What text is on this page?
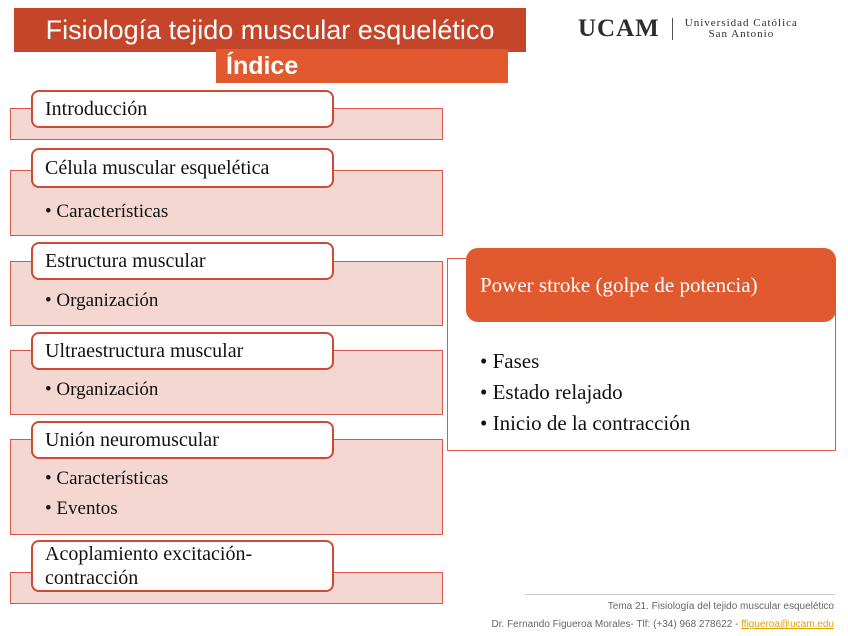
Fisiología tejido muscular esquelético
Índice
UCAM Universidad Católica
San Antonio
Introducción
• Características
Célula muscular esquelética
• Organización
Estructura muscular
• Organización
Ultraestructura muscular
• Características
• Eventos
Unión neuromuscular
Acoplamiento excitación-contracción
Power stroke (golpe de potencia)
• Fases
• Estado relajado
• Inicio de la contracción
Tema 21. Fisiología del tejido muscular esquelético
Dr. Fernando Figueroa Morales- Tlf: (+34) 968 278622 - ffigueroa@ucam.edu
